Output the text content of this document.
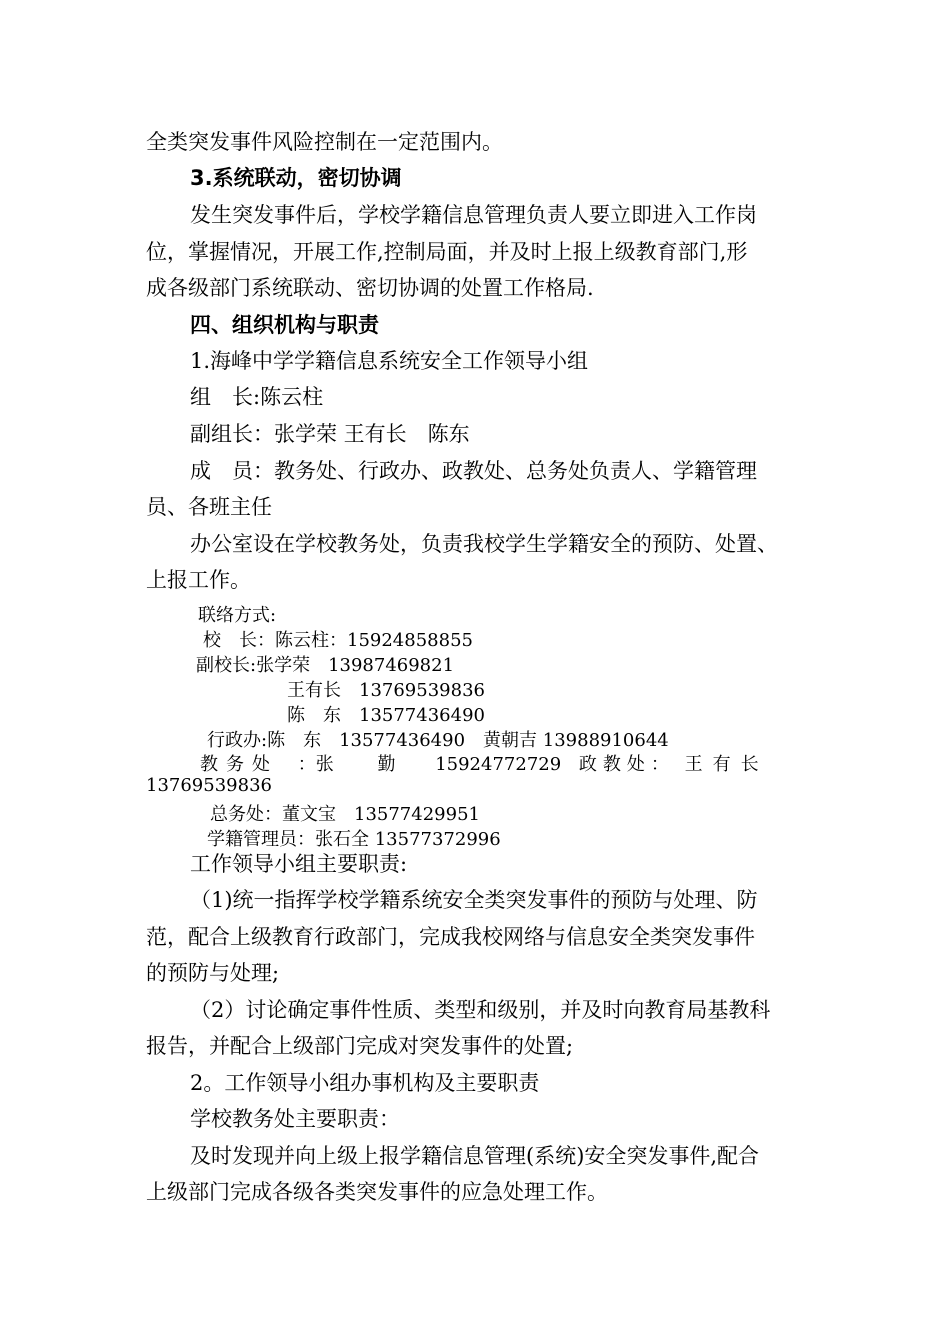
全类突发事件风险控制在一定范围内。

3.系统联动，密切协调

发生突发事件后，学校学籍信息管理负责人要立即进入工作岗

位，掌握情况，开展工作,控制局面，并及时上报上级教育部门,形

成各级部门系统联动、密切协调的处置工作格局.

四、组织机构与职责

1.海峰中学学籍信息系统安全工作领导小组

组　长:陈云柱

副组长：张学荣 王有长　陈东

成　员：教务处、行政办、政教处、总务处负责人、学籍管理

员、各班主任

办公室设在学校教务处，负责我校学生学籍安全的预防、处置、

上报工作。

联络方式:

校　长：陈云柱：15924858855

副校长:张学荣　13987469821

王有长　13769539836

陈　东　13577436490

行政办:陈　东　13577436490　黄朝吉 13988910644

教务处 ：张 勤 15924772729 政教处： 王有长

13769539836

总务处：董文宝　13577429951

学籍管理员：张石全 13577372996

工作领导小组主要职责:

（1)统一指挥学校学籍系统安全类突发事件的预防与处理、防

范，配合上级教育行政部门，完成我校网络与信息安全类突发事件

的预防与处理;

（2）讨论确定事件性质、类型和级别，并及时向教育局基教科

报告，并配合上级部门完成对突发事件的处置;

2。工作领导小组办事机构及主要职责

学校教务处主要职责：

及时发现并向上级上报学籍信息管理(系统)安全突发事件,配合

上级部门完成各级各类突发事件的应急处理工作。
